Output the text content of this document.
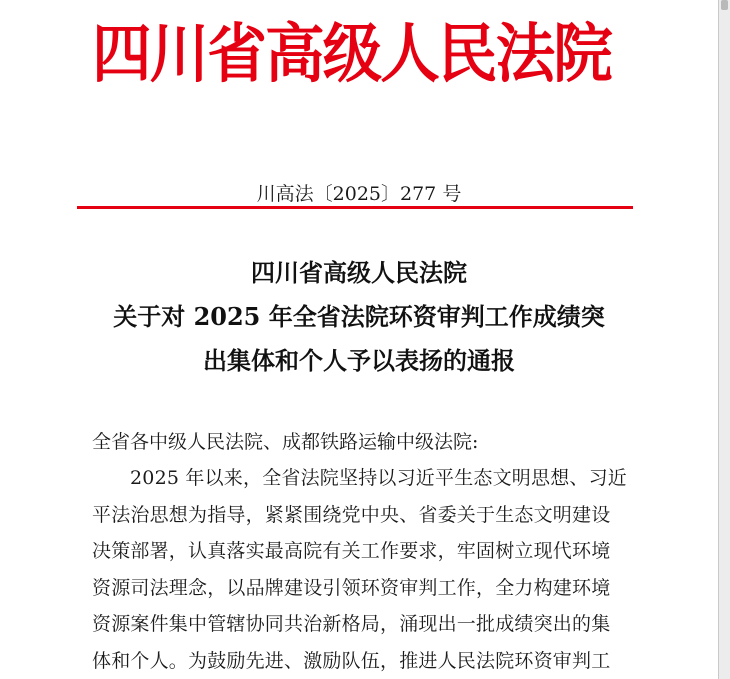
四川省高级人民法院
川高法〔2025〕277 号
四川省高级人民法院
关于对 2025 年全省法院环资审判工作成绩突
出集体和个人予以表扬的通报
全省各中级人民法院、成都铁路运输中级法院:
2025 年以来，全省法院坚持以习近平生态文明思想、习近
平法治思想为指导，紧紧围绕党中央、省委关于生态文明建设
决策部署，认真落实最高院有关工作要求，牢固树立现代环境
资源司法理念，以品牌建设引领环资审判工作，全力构建环境
资源案件集中管辖协同共治新格局，涌现出一批成绩突出的集
体和个人。为鼓励先进、激励队伍，推进人民法院环资审判工
